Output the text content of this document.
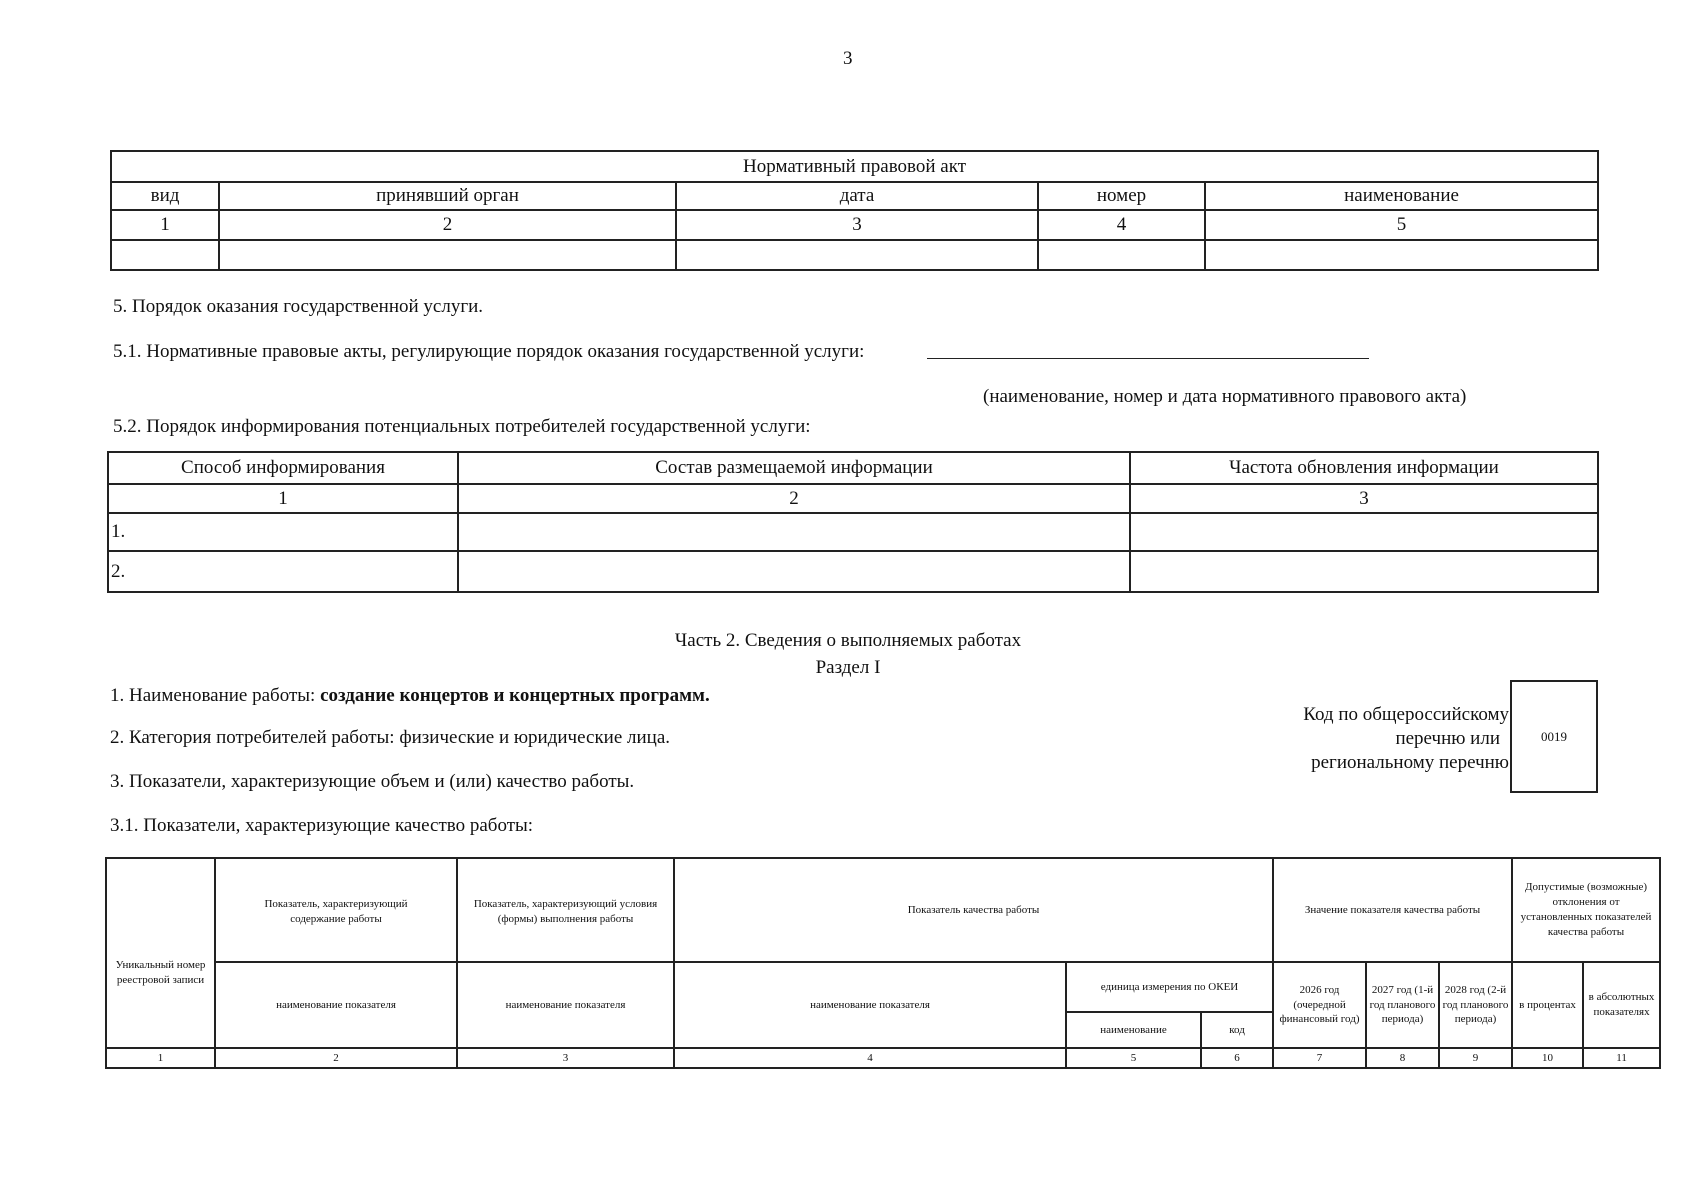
3
Нормативный правовой акт				
вид	принявший орган	дата	номер	наименование
1	2	3	4	5

5. Порядок оказания государственной услуги.
5.1. Нормативные правовые акты, регулирующие порядок оказания государственной услуги:
(наименование, номер и дата нормативного правового акта)
5.2. Порядок информирования потенциальных потребителей государственной услуги:
Способ информирования	Состав размещаемой информации	Частота обновления информации
1	2	3
1.		
2.		
Часть 2. Сведения о выполняемых работах
Раздел I
1. Наименование работы: создание концертов и концертных программ.
2. Категория потребителей работы: физические и юридические лица.
3. Показатели, характеризующие объем и (или) качество работы.
3.1. Показатели, характеризующие качество работы:
Код по общероссийскому
перечню или
региональному перечню
0019
Уникальный номер реестровой записи	Показатель, характеризующий содержание работы	Показатель, характеризующий условия (формы) выполнения работы	Показатель качества работы			Значение показателя качества работы			Допустимые (возможные) отклонения от установленных показателей качества работы	
	наименование показателя	наименование показателя	наименование показателя	единица измерения по ОКЕИ		2026 год (очередной финансовый год)	2027 год (1-й год планового периода)	2028 год (2-й год планового периода)	в процентах	в абсолютных показателях
				наименование	код					
1	2	3	4	5	6	7	8	9	10	11
